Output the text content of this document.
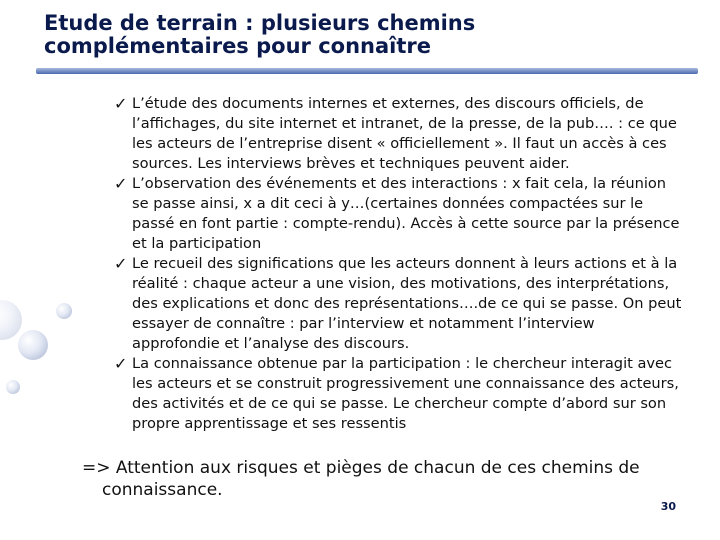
Etude de terrain : plusieurs chemins
complémentaires pour connaître
✓ L’étude des documents internes et externes, des discours officiels, de l’affichages, du site internet et intranet, de la presse, de la pub…. : ce que les acteurs de l’entreprise disent « officiellement ». Il faut un accès à ces sources. Les interviews brèves et techniques peuvent aider.
✓ L’observation des événements et des interactions : x fait cela, la réunion se passe ainsi, x a dit ceci à y…(certaines données compactées sur le passé en font partie : compte-rendu). Accès à cette source par la présence et la participation
✓ Le recueil des significations que les acteurs donnent à leurs actions et à la réalité : chaque acteur a une vision, des motivations, des interprétations, des explications et donc des représentations….de ce qui se passe. On peut essayer de connaître : par l’interview et notamment l’interview approfondie et l’analyse des discours.
✓ La connaissance obtenue par la participation : le chercheur interagit avec les acteurs et se construit progressivement une connaissance des acteurs, des activités et de ce qui se passe. Le chercheur compte d’abord sur son propre apprentissage et ses ressentis
=> Attention aux risques et pièges de chacun de ces chemins de
connaissance.
30
